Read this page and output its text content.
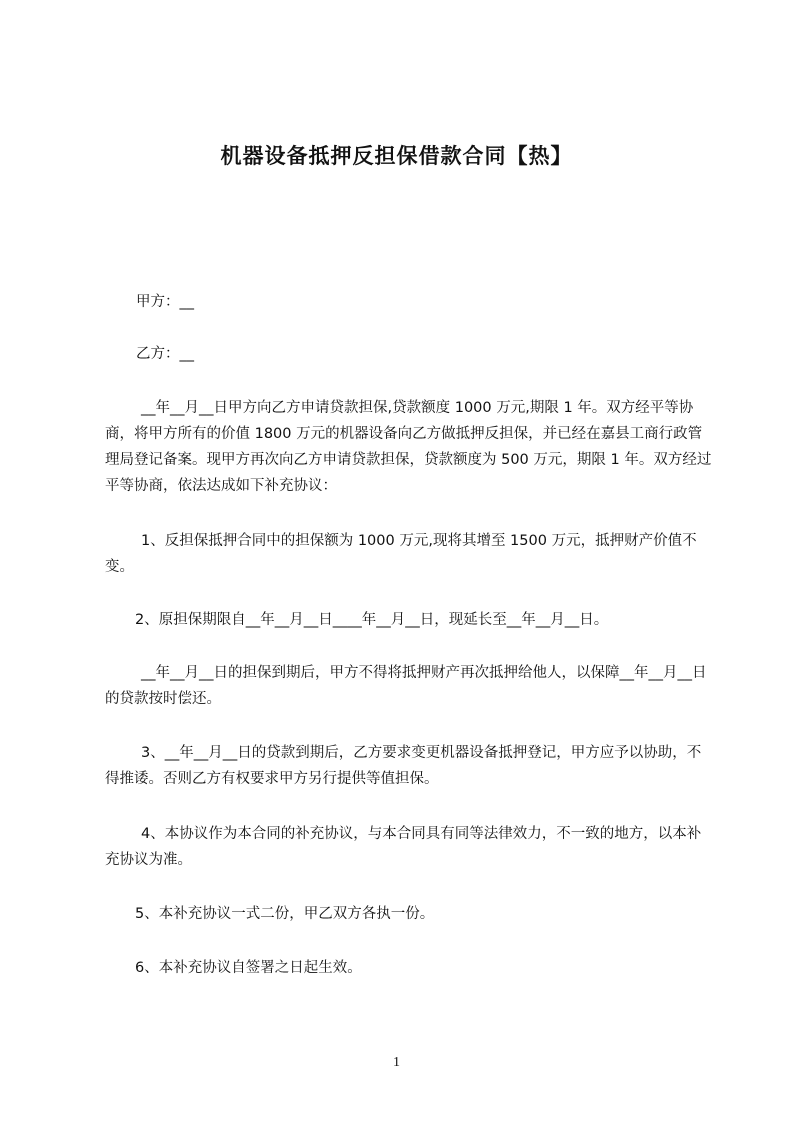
机器设备抵押反担保借款合同【热】

甲方：__

乙方：__

__年__月__日甲方向乙方申请贷款担保,贷款额度 1000 万元,期限 1 年。双方经平等协商，将甲方所有的价值 1800 万元的机器设备向乙方做抵押反担保，并已经在嘉县工商行政管理局登记备案。现甲方再次向乙方申请贷款担保，贷款额度为 500 万元，期限 1 年。双方经过平等协商，依法达成如下补充协议：

1、反担保抵押合同中的担保额为 1000 万元,现将其增至 1500 万元，抵押财产价值不变。

2、原担保期限自__年__月__日____年__月__日，现延长至__年__月__日。

__年__月__日的担保到期后，甲方不得将抵押财产再次抵押给他人，以保障__年__月__日的贷款按时偿还。

3、__年__月__日的贷款到期后，乙方要求变更机器设备抵押登记，甲方应予以协助，不得推诿。否则乙方有权要求甲方另行提供等值担保。

4、本协议作为本合同的补充协议，与本合同具有同等法律效力，不一致的地方，以本补充协议为准。

5、本补充协议一式二份，甲乙双方各执一份。

6、本补充协议自签署之日起生效。

1
